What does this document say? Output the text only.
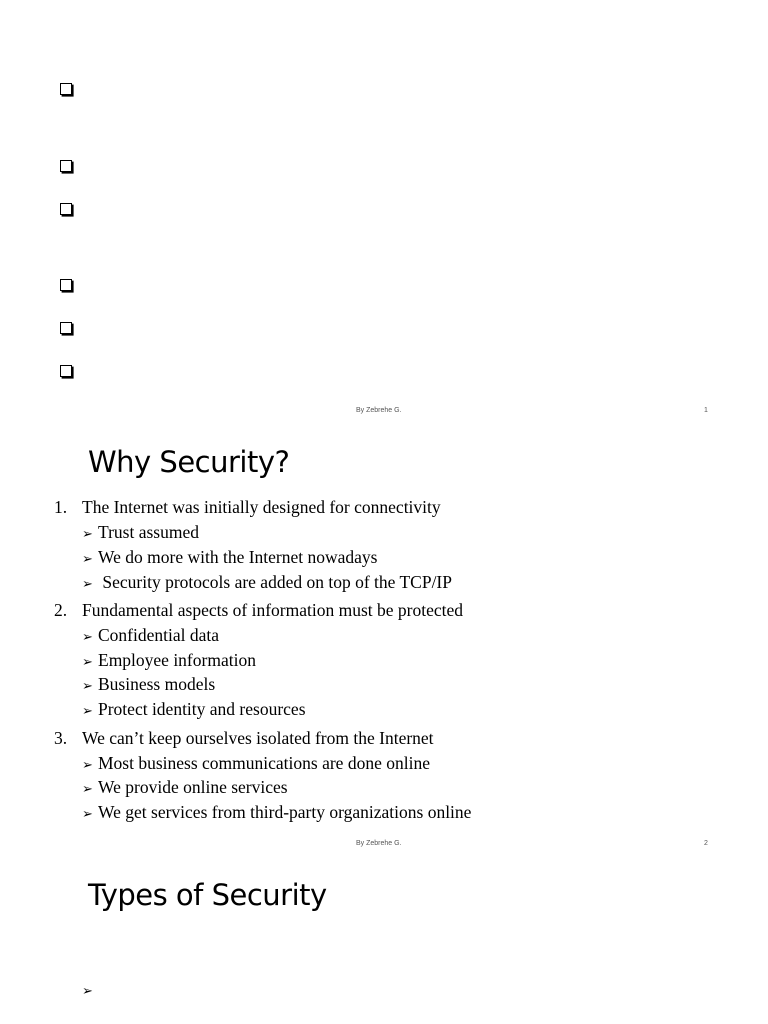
By Zebrehe G.	1
Why Security?
1. The Internet was initially designed for connectivity
➢ Trust assumed
➢ We do more with the Internet nowadays
➢ Security protocols are added on top of the TCP/IP
2. Fundamental aspects of information must be protected
➢ Confidential data
➢ Employee information
➢ Business models
➢ Protect identity and resources
3. We can’t keep ourselves isolated from the Internet
➢ Most business communications are done online
➢ We provide online services
➢ We get services from third-party organizations online
By Zebrehe G.	2
Types of Security
➢
